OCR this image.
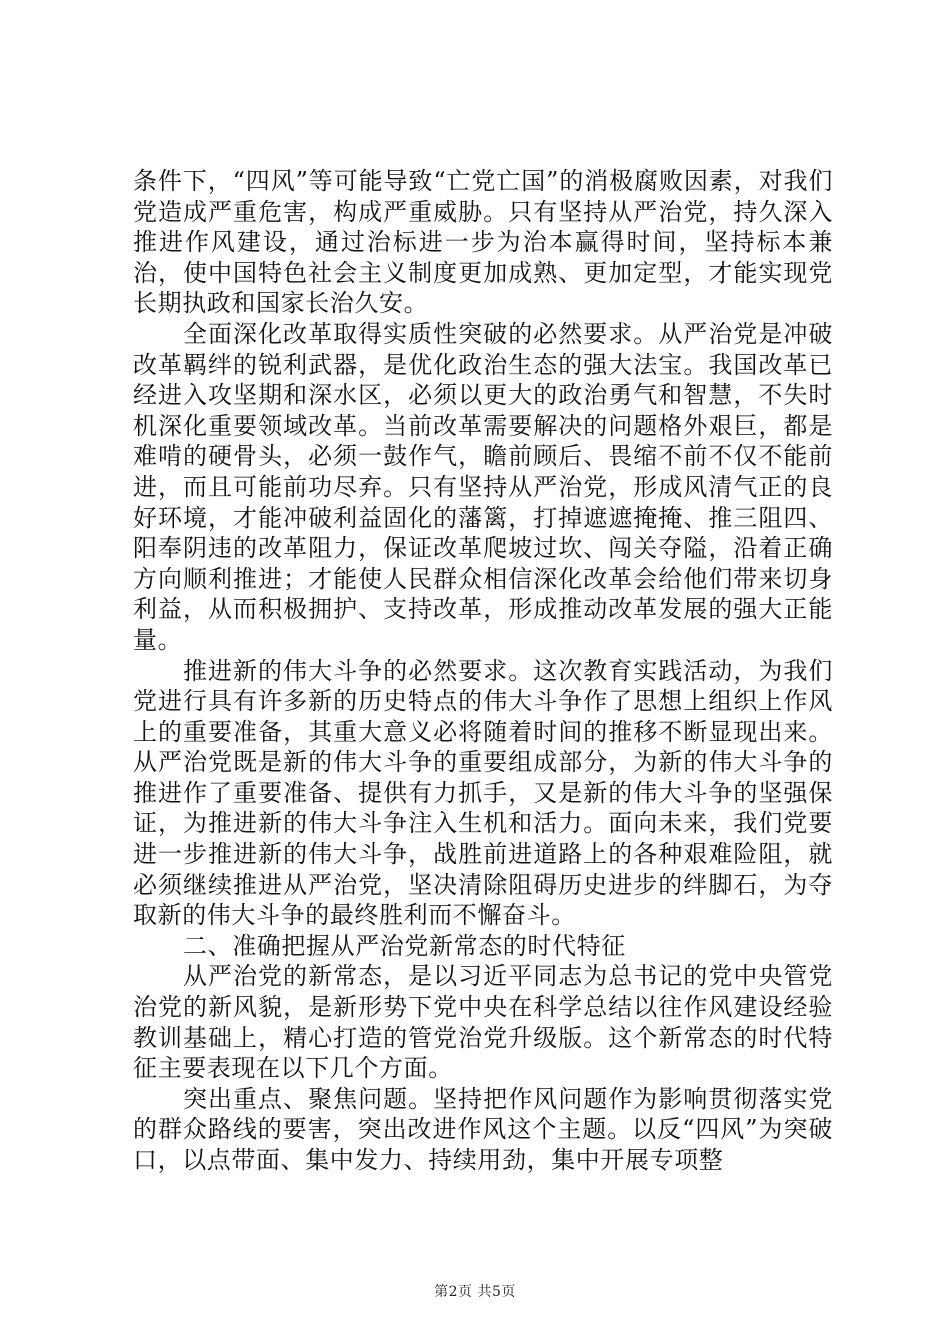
条件下，“四风”等可能导致“亡党亡国”的消极腐败因素，对我们党造成严重危害，构成严重威胁。只有坚持从严治党，持久深入推进作风建设，通过治标进一步为治本赢得时间，坚持标本兼治，使中国特色社会主义制度更加成熟、更加定型，才能实现党长期执政和国家长治久安。

全面深化改革取得实质性突破的必然要求。从严治党是冲破改革羁绊的锐利武器，是优化政治生态的强大法宝。我国改革已经进入攻坚期和深水区，必须以更大的政治勇气和智慧，不失时机深化重要领域改革。当前改革需要解决的问题格外艰巨，都是难啃的硬骨头，必须一鼓作气，瞻前顾后、畏缩不前不仅不能前进，而且可能前功尽弃。只有坚持从严治党，形成风清气正的良好环境，才能冲破利益固化的藩篱，打掉遮遮掩掩、推三阻四、阳奉阴违的改革阻力，保证改革爬坡过坎、闯关夺隘，沿着正确方向顺利推进；才能使人民群众相信深化改革会给他们带来切身利益，从而积极拥护、支持改革，形成推动改革发展的强大正能量。

推进新的伟大斗争的必然要求。这次教育实践活动，为我们党进行具有许多新的历史特点的伟大斗争作了思想上组织上作风上的重要准备，其重大意义必将随着时间的推移不断显现出来。从严治党既是新的伟大斗争的重要组成部分，为新的伟大斗争的推进作了重要准备、提供有力抓手，又是新的伟大斗争的坚强保证，为推进新的伟大斗争注入生机和活力。面向未来，我们党要进一步推进新的伟大斗争，战胜前进道路上的各种艰难险阻，就必须继续推进从严治党，坚决清除阻碍历史进步的绊脚石，为夺取新的伟大斗争的最终胜利而不懈奋斗。

二、准确把握从严治党新常态的时代特征

从严治党的新常态，是以习近平同志为总书记的党中央管党治党的新风貌，是新形势下党中央在科学总结以往作风建设经验教训基础上，精心打造的管党治党升级版。这个新常态的时代特征主要表现在以下几个方面。

突出重点、聚焦问题。坚持把作风问题作为影响贯彻落实党的群众路线的要害，突出改进作风这个主题。以反“四风”为突破口，以点带面、集中发力、持续用劲，集中开展专项整

第2页 共5页
